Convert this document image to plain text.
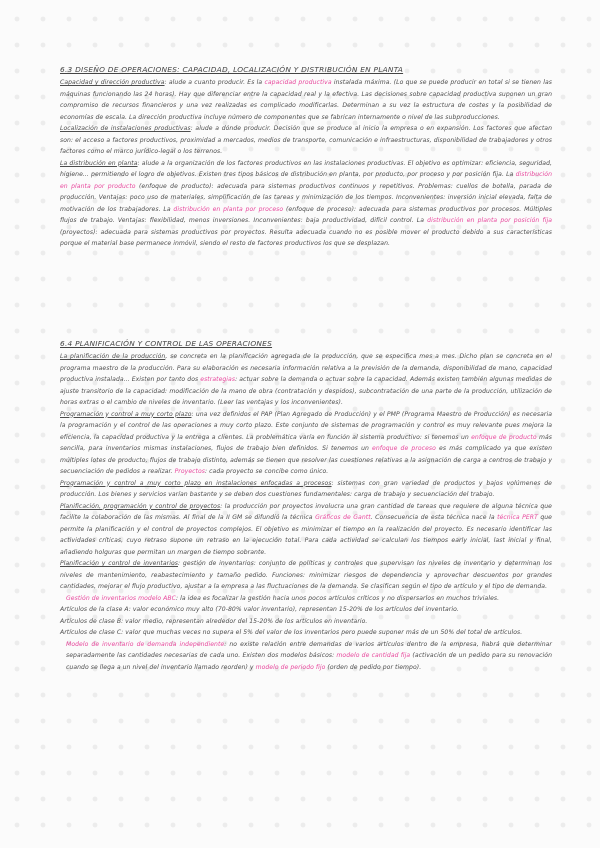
6.3 DISEÑO DE OPERACIONES: CAPACIDAD, LOCALIZACIÓN Y DISTRIBUCIÓN EN PLANTA

Capacidad y dirección productiva: alude a cuanto producir. Es la capacidad productiva instalada máxima. (Lo que se puede producir en total si se tienen las máquinas funcionando las 24 horas). Hay que diferenciar entre la capacidad real y la efectiva. Las decisiones sobre capacidad productiva suponen un gran compromiso de recursos financieros y una vez realizadas es complicado modificarlas. Determinan a su vez la estructura de costes y la posibilidad de economías de escala. La dirección productiva incluye número de componentes que se fabrican internamente o nivel de las subproducciones.

Localización de instalaciones productivas: alude a dónde producir. Decisión que se produce al inicio la empresa o en expansión. Los factores que afectan son: el acceso a factores productivos, proximidad a mercados, medios de transporte, comunicación e infraestructuras, disponibilidad de trabajadores y otros factores como el marco jurídico-legal o los terrenos.

La distribución en planta: alude a la organización de los factores productivos en las instalaciones productivas. El objetivo es optimizar: eficiencia, seguridad, higiene... permitiendo el logro de objetivos. Existen tres tipos básicos de distribución en planta, por producto, por proceso y por posición fija. La distribución en planta por producto (enfoque de producto): adecuada para sistemas productivos continuos y repetitivos. Problemas: cuellos de botella, parada de producción. Ventajas: poco uso de materiales, simplificación de las tareas y minimización de los tiempos. Inconvenientes: inversión inicial elevada, falta de motivación de los trabajadores. La distribución en planta por proceso (enfoque de proceso): adecuada para sistemas productivos por procesos. Múltiples flujos de trabajo. Ventajas: flexibilidad, menos inversiones. Inconvenientes: baja productividad, difícil control. La distribución en planta por posición fija (proyectos): adecuada para sistemas productivos por proyectos. Resulta adecuada cuando no es posible mover el producto debido a sus características porque el material base permanece inmóvil, siendo el resto de factores productivos los que se desplazan.

6.4 PLANIFICACIÓN Y CONTROL DE LAS OPERACIONES

La planificación de la producción, se concreta en la planificación agregada de la producción, que se especifica mes a mes. Dicho plan se concreta en el programa maestro de la producción. Para su elaboración es necesaria información relativa a la previsión de la demanda, disponibilidad de mano, capacidad productiva instalada... Existen por tanto dos estrategias: actuar sobre la demanda o actuar sobre la capacidad. Además existen también algunas medidas de ajuste transitorio de la capacidad: modificación de la mano de obra (contratación y despidos), subcontratación de una parte de la producción, utilización de horas extras o el cambio de niveles de inventario. (Leer las ventajas y los inconvenientes).

Programación y control a muy corto plazo: una vez definidos el PAP (Plan Agregado de Producción) y el PMP (Programa Maestro de Producción) es necesaria la programación y el control de las operaciones a muy corto plazo. Este conjunto de sistemas de programación y control es muy relevante pues mejora la eficiencia, la capacidad productiva y la entrega a clientes. La problemática varía en función al sistema productivo: si tenemos un enfoque de producto más sencilla, para inventarios mismas instalaciones, flujos de trabajo bien definidos. Si tenemos un enfoque de proceso es más complicado ya que existen múltiples lotes de producto, flujos de trabajo distinto, además se tienen que resolver las cuestiones relativas a la asignación de carga a centros de trabajo y secuenciación de pedidos a realizar. Proyectos: cada proyecto se concibe como único.

Programación y control a muy corto plazo en instalaciones enfocadas a procesos: sistemas con gran variedad de productos y bajos volúmenes de producción. Los bienes y servicios varían bastante y se deben dos cuestiones fundamentales: carga de trabajo y secuenciación del trabajo.

Planificación, programación y control de proyectos: la producción por proyectos involucra una gran cantidad de tareas que requiere de alguna técnica que facilite la colaboración de las mismas. Al final de la II GM se difundió la técnica Gráficos de Gantt. Consecuencia de esta técnica nace la técnica PERT que permite la planificación y el control de proyectos complejos. El objetivo es minimizar el tiempo en la realización del proyecto. Es necesario identificar las actividades críticas, cuyo retraso supone un retraso en la ejecución total. Para cada actividad se calculan los tiempos early inicial, last inicial y final, añadiendo holguras que permitan un margen de tiempo sobrante.

Planificación y control de inventarios: gestión de inventarios: conjunto de políticas y controles que supervisan los niveles de inventario y determinan los niveles de mantenimiento, reabastecimiento y tamaño pedido. Funciones: minimizar riesgos de dependencia y aprovechar descuentos por grandes cantidades, mejorar el flujo productivo, ajustar a la empresa a las fluctuaciones de la demanda. Se clasifican según el tipo de artículo y el tipo de demanda.

Gestión de inventarios modelo ABC: la idea es focalizar la gestión hacia unos pocos artículos críticos y no dispersarlos en muchos triviales.

Artículos de la clase A: valor económico muy alto (70-80% valor inventario), representan 15-20% de los artículos del inventario.

Artículos de clase B: valor medio, representan alrededor del 15-20% de los artículos en inventario.

Artículos de clase C: valor que muchas veces no supera el 5% del valor de los inventarios pero puede suponer más de un 50% del total de artículos.

Modelo de inventario de demanda independiente: no existe relación entre demandas de varios artículos dentro de la empresa, habrá que determinar separadamente las cantidades necesarias de cada uno. Existen dos modelos básicos: modelo de cantidad fija (activación de un pedido para su renovación cuando se llega a un nivel del inventario llamado reorden) y modelo de periodo fijo (orden de pedido por tiempo).
